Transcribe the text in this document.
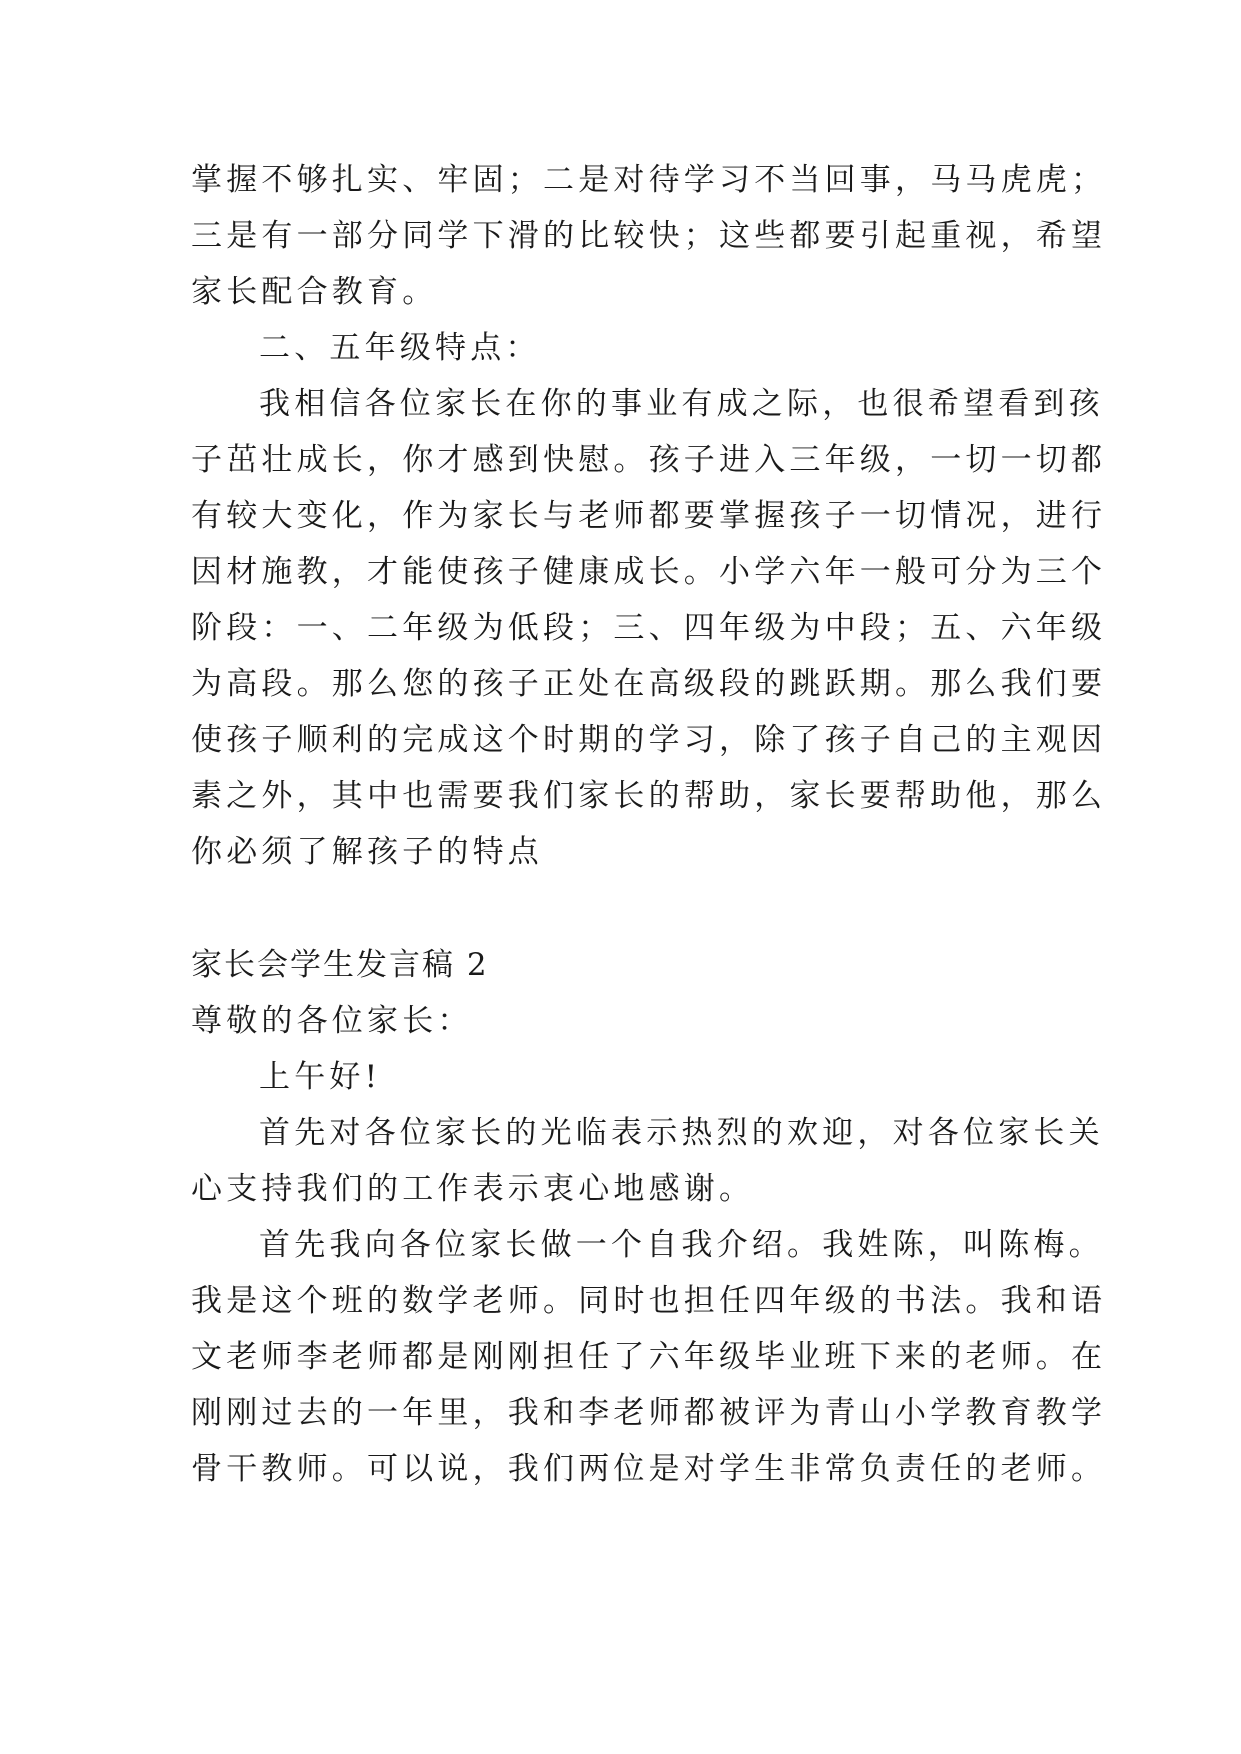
掌握不够扎实、牢固；二是对待学习不当回事，马马虎虎；
三是有一部分同学下滑的比较快；这些都要引起重视，希望
家长配合教育。
二、五年级特点：
我相信各位家长在你的事业有成之际，也很希望看到孩
子茁壮成长，你才感到快慰。孩子进入三年级，一切一切都
有较大变化，作为家长与老师都要掌握孩子一切情况，进行
因材施教，才能使孩子健康成长。小学六年一般可分为三个
阶段：一、二年级为低段；三、四年级为中段；五、六年级
为高段。那么您的孩子正处在高级段的跳跃期。那么我们要
使孩子顺利的完成这个时期的学习，除了孩子自己的主观因
素之外，其中也需要我们家长的帮助，家长要帮助他，那么
你必须了解孩子的特点
家长会学生发言稿 2
尊敬的各位家长：
上午好!
首先对各位家长的光临表示热烈的欢迎，对各位家长关
心支持我们的工作表示衷心地感谢。
首先我向各位家长做一个自我介绍。我姓陈，叫陈梅。
我是这个班的数学老师。同时也担任四年级的书法。我和语
文老师李老师都是刚刚担任了六年级毕业班下来的老师。在
刚刚过去的一年里，我和李老师都被评为青山小学教育教学
骨干教师。可以说，我们两位是对学生非常负责任的老师。
